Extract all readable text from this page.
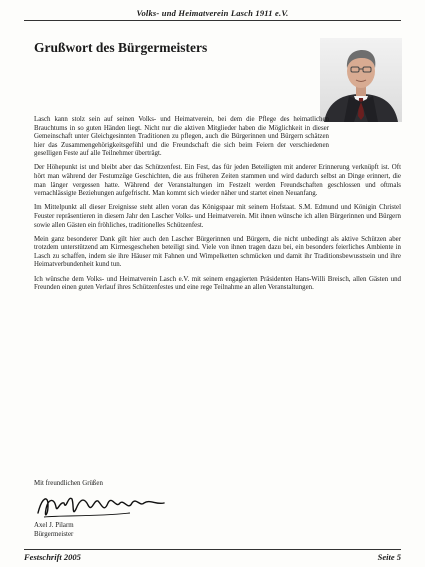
Volks- und Heimatverein Lasch 1911 e.V.
Grußwort des Bürgermeisters

Lasch kann stolz sein auf seinen Volks- und Heimatverein, bei dem die Pflege des heimatlichen Brauchtums in so guten Händen liegt. Nicht nur die aktiven Mitglieder haben die Möglichkeit in dieser Gemeinschaft unter Gleichgesinnten Traditionen zu pflegen, auch die Bürgerinnen und Bürgern schätzen hier das Zusammengehörigkeitsgefühl und die Freundschaft die sich beim Feiern der verschiedenen geselligen Feste auf alle Teilnehmer überträgt.

Der Höhepunkt ist und bleibt aber das Schützenfest. Ein Fest, das für jeden Beteiligten mit anderer Erinnerung verknüpft ist. Oft hört man während der Festumzüge Geschichten, die aus früheren Zeiten stammen und wird dadurch selbst an Dinge erinnert, die man länger vergessen hatte. Während der Veranstaltungen im Festzelt werden Freundschaften geschlossen und oftmals vernachlässigte Beziehungen aufgefrischt. Man kommt sich wieder näher und startet einen Neuanfang.

Im Mittelpunkt all dieser Ereignisse steht allen voran das Königspaar mit seinem Hofstaat. S.M. Edmund und Königin Christel Feuster repräsentieren in diesem Jahr den Lascher Volks- und Heimatverein. Mit ihnen wünsche ich allen Bürgerinnen und Bürgern sowie allen Gästen ein fröhliches, traditionelles Schützenfest.

Mein ganz besonderer Dank gilt hier auch den Lascher Bürgerinnen und Bürgern, die nicht unbedingt als aktive Schützen aber trotzdem unterstützend am Kirmesgeschehen beteiligt sind. Viele von ihnen tragen dazu bei, ein besonders feierliches Ambiente in Lasch zu schaffen, indem sie ihre Häuser mit Fahnen und Wimpelketten schmücken und damit ihr Traditionsbewusstsein und ihre Heimatverbundenheit kund tun.

Ich wünsche dem Volks- und Heimatverein Lasch e.V. mit seinem engagierten Präsidenten Hans-Willi Breisch, allen Gästen und Freunden einen guten Verlauf ihres Schützenfestes und eine rege Teilnahme an allen Veranstaltungen.

Mit freundlichen Grüßen
Axel J. Pilarm
Bürgermeister
Festschrift 2005	Seite 5
